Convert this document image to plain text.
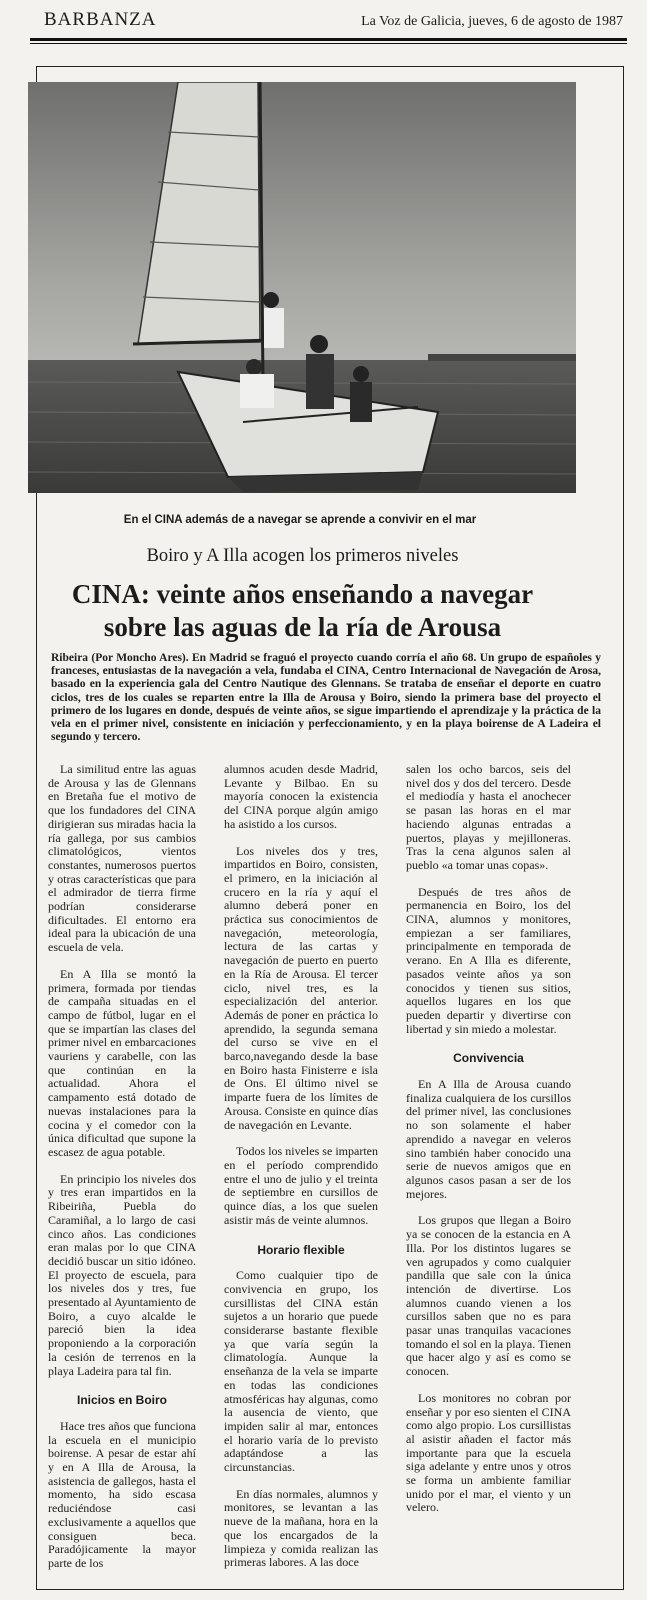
BARBANZA	La Voz de Galicia, jueves, 6 de agosto de 1987
En el CINA además de a navegar se aprende a convivir en el mar
Boiro y A Illa acogen los primeros niveles
CINA: veinte años enseñando a navegar
sobre las aguas de la ría de Arousa
Ribeira (Por Moncho Ares). En Madrid se fraguó el proyecto cuando corría el año 68. Un grupo de españoles y franceses, entusiastas de la navegación a vela, fundaba el CINA, Centro Internacional de Navegación de Arosa, basado en la experiencia gala del Centro Nautique des Glennans. Se trataba de enseñar el deporte en cuatro ciclos, tres de los cuales se reparten entre la Illa de Arousa y Boiro, siendo la primera base del proyecto el primero de los lugares en donde, después de veinte años, se sigue impartiendo el aprendizaje y la práctica de la vela en el primer nivel, consistente en iniciación y perfeccionamiento, y en la playa boirense de A Ladeira el segundo y tercero.

La similitud entre las aguas de Arousa y las de Glennans en Bretaña fue el motivo de que los fundadores del CINA dirigieran sus miradas hacia la ría gallega, por sus cambios climatológicos, vientos constantes, numerosos puertos y otras características que para el admirador de tierra firme podrían considerarse dificultades. El entorno era ideal para la ubicación de una escuela de vela.

En A Illa se montó la primera, formada por tiendas de campaña situadas en el campo de fútbol, lugar en el que se impartían las clases del primer nivel en embarcaciones vauriens y carabelle, con las que continúan en la actualidad. Ahora el campamento está dotado de nuevas instalaciones para la cocina y el comedor con la única dificultad que supone la escasez de agua potable.

En principio los niveles dos y tres eran impartidos en la Ribeiriña, Puebla do Caramiñal, a lo largo de casi cinco años. Las condiciones eran malas por lo que CINA decidió buscar un sitio idóneo. El proyecto de escuela, para los niveles dos y tres, fue presentado al Ayuntamiento de Boiro, a cuyo alcalde le pareció bien la idea proponiendo a la corporación la cesión de terrenos en la playa Ladeira para tal fin.

Inicios en Boiro

Hace tres años que funciona la escuela en el municipio boirense. A pesar de estar ahí y en A Illa de Arousa, la asistencia de gallegos, hasta el momento, ha sido escasa reduciéndose casi exclusivamente a aquellos que consiguen beca. Paradójicamente la mayor parte de los

alumnos acuden desde Madrid, Levante y Bilbao. En su mayoría conocen la existencia del CINA porque algún amigo ha asistido a los cursos.

Los niveles dos y tres, impartidos en Boiro, consisten, el primero, en la iniciación al crucero en la ría y aquí el alumno deberá poner en práctica sus conocimientos de navegación, meteorología, lectura de las cartas y navegación de puerto en puerto en la Ría de Arousa. El tercer ciclo, nivel tres, es la especialización del anterior. Además de poner en práctica lo aprendido, la segunda semana del curso se vive en el barco,navegando desde la base en Boiro hasta Finisterre e isla de Ons. El último nivel se imparte fuera de los límites de Arousa. Consiste en quince días de navegación en Levante.

Todos los niveles se imparten en el período comprendido entre el uno de julio y el treinta de septiembre en cursillos de quince días, a los que suelen asistir más de veinte alumnos.

Horario flexible

Como cualquier tipo de convivencia en grupo, los cursillistas del CINA están sujetos a un horario que puede considerarse bastante flexible ya que varía según la climatología. Aunque la enseñanza de la vela se imparte en todas las condiciones atmosféricas hay algunas, como la ausencia de viento, que impiden salir al mar, entonces el horario varía de lo previsto adaptándose a las circunstancias.

En días normales, alumnos y monitores, se levantan a las nueve de la mañana, hora en la que los encargados de la limpieza y comida realizan las primeras labores. A las doce

salen los ocho barcos, seis del nivel dos y dos del tercero. Desde el mediodía y hasta el anochecer se pasan las horas en el mar haciendo algunas entradas a puertos, playas y mejilloneras. Tras la cena algunos salen al pueblo «a tomar unas copas».

Después de tres años de permanencia en Boiro, los del CINA, alumnos y monitores, empiezan a ser familiares, principalmente en temporada de verano. En A Illa es diferente, pasados veinte años ya son conocidos y tienen sus sitios, aquellos lugares en los que pueden departir y divertirse con libertad y sin miedo a molestar.

Convivencia

En A Illa de Arousa cuando finaliza cualquiera de los cursillos del primer nivel, las conclusiones no son solamente el haber aprendido a navegar en veleros sino también haber conocido una serie de nuevos amigos que en algunos casos pasan a ser de los mejores.

Los grupos que llegan a Boiro ya se conocen de la estancia en A Illa. Por los distintos lugares se ven agrupados y como cualquier pandilla que sale con la única intención de divertirse. Los alumnos cuando vienen a los cursillos saben que no es para pasar unas tranquilas vacaciones tomando el sol en la playa. Tienen que hacer algo y así es como se conocen.

Los monitores no cobran por enseñar y por eso sienten el CINA como algo propio. Los cursillistas al asistir añaden el factor más importante para que la escuela siga adelante y entre unos y otros se forma un ambiente familiar unido por el mar, el viento y un velero.
